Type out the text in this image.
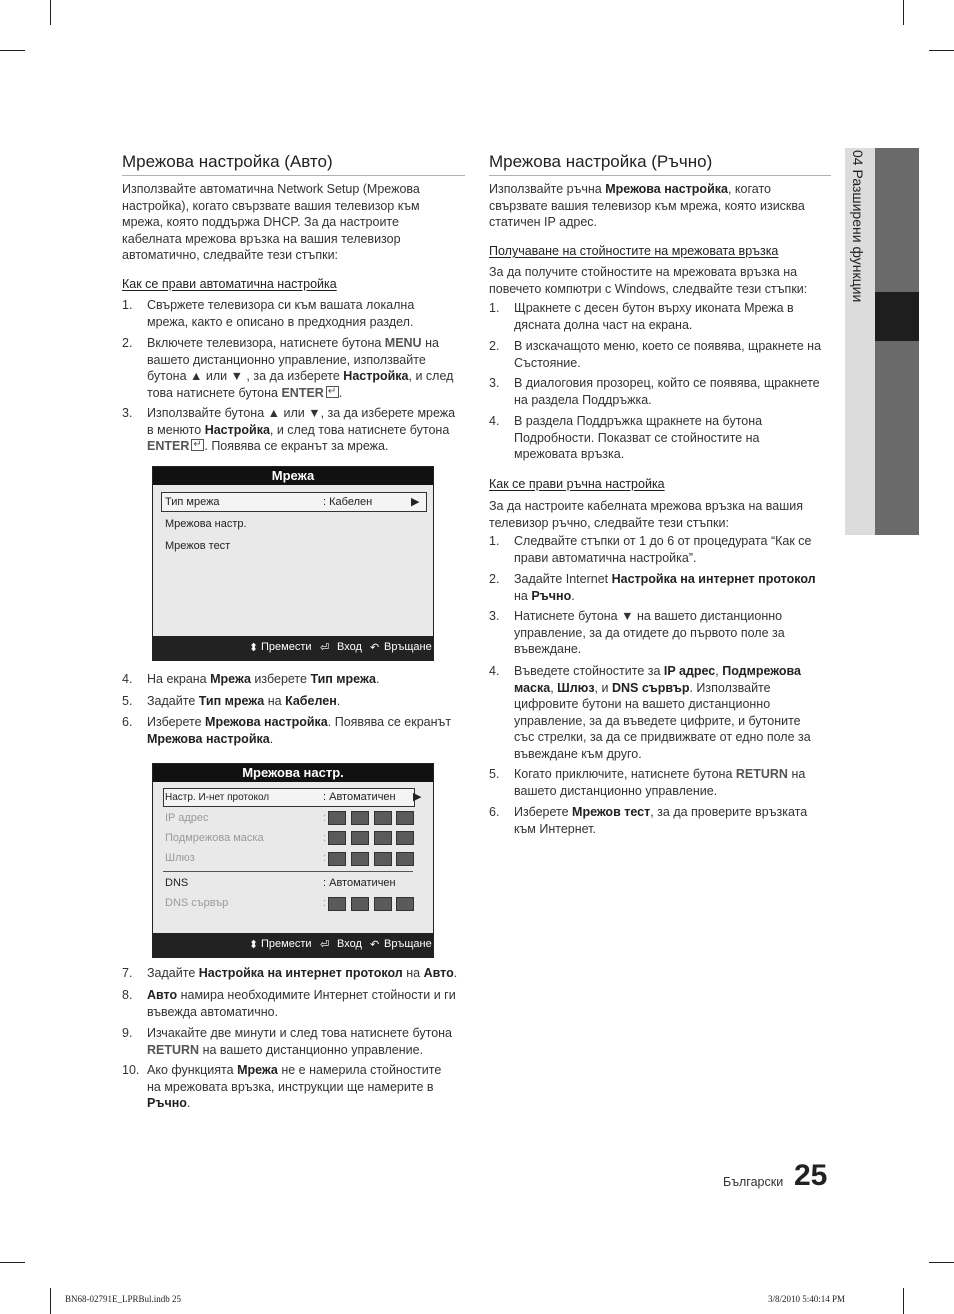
04 Разширени функции
Мрежова настройка (Авто)
Използвайте автоматична Network Setup (Мрежова
настройка), когато свързвате вашия телевизор към
мрежа, която поддържа DHCP. За да настроите
кабелната мрежова връзка на вашия телевизор
автоматично, следвайте тези стъпки:
Как се прави автоматична настройка
1. Свържете телевизора си към вашата локална
мрежа, както е описано в предходния раздел.
2. Включете телевизора, натиснете бутона MENU на
вашето дистанционно управление, използвайте
бутона ▲ или ▼ , за да изберете Настройка, и след
това натиснете бутона ENTER ↵ .
3. Използвайте бутона ▲ или ▼, за да изберете мрежа
в менюто Настройка, и след това натиснете бутона
ENTER ↵ . Появява се екранът за мрежа.
Мрежа
Тип мрежа	: Кабелен	▶
Мрежова настр.
Мрежов тест
⬍ Премести ⏎ Вход ↶ Връщане
4. На екрана Мрежа изберете Тип мрежа.
5. Задайте Тип мрежа на Кабелен.
6. Изберете Мрежова настройка. Появява се екранът
Мрежова настройка.
Мрежова настр.
Настр. И-нет протокол	: Автоматичен ▶
IP адрес	:
Подмрежова маска	:
Шлюз	:
DNS	: Автоматичен
DNS сървър	:
⬍ Премести ⏎ Вход ↶ Връщане
7. Задайте Настройка на интернет протокол на Авто.
8. Авто намира необходимите Интернет стойности и ги
въвежда автоматично.
9. Изчакайте две минути и след това натиснете бутона
RETURN на вашето дистанционно управление.
10. Ако функцията Мрежа не е намерила стойностите
на мрежовата връзка, инструкции ще намерите в
Ръчно.
Мрежова настройка (Ръчно)
Използвайте ръчна Мрежова настройка, когато
свързвате вашия телевизор към мрежа, която изисква
статичен IP адрес.
Получаване на стойностите на мрежовата връзка
За да получите стойностите на мрежовата връзка на
повечето компютри с Windows, следвайте тези стъпки:
1. Щракнете с десен бутон върху иконата Мрежа в
дясната долна част на екрана.
2. В изскачащото меню, което се появява, щракнете на
Състояние.
3. В диалоговия прозорец, който се появява, щракнете
на раздела Поддръжка.
4. В раздела Поддръжка щракнете на бутона
Подробности. Показват се стойностите на
мрежовата връзка.
Как се прави ръчна настройка
За да настроите кабелната мрежова връзка на вашия
телевизор ръчно, следвайте тези стъпки:
1. Следвайте стъпки от 1 до 6 от процедурата “Как се
прави автоматична настройка”.
2. Задайте Internet Настройка на интернет протокол
на Ръчно.
3. Натиснете бутона ▼ на вашето дистанционно
управление, за да отидете до първото поле за
въвеждане.
4. Въведете стойностите за IP адрес, Подмрежова
маска, Шлюз, и DNS сървър. Използвайте
цифровите бутони на вашето дистанционно
управление, за да въведете цифрите, и бутоните
със стрелки, за да се придвижвате от едно поле за
въвеждане към друго.
5. Когато приключите, натиснете бутона RETURN на
вашето дистанционно управление.
6. Изберете Мрежов тест, за да проверите връзката
към Интернет.
Български 25
BN68-02791E_LPRBul.indb 25	3/8/2010 5:40:14 PM
